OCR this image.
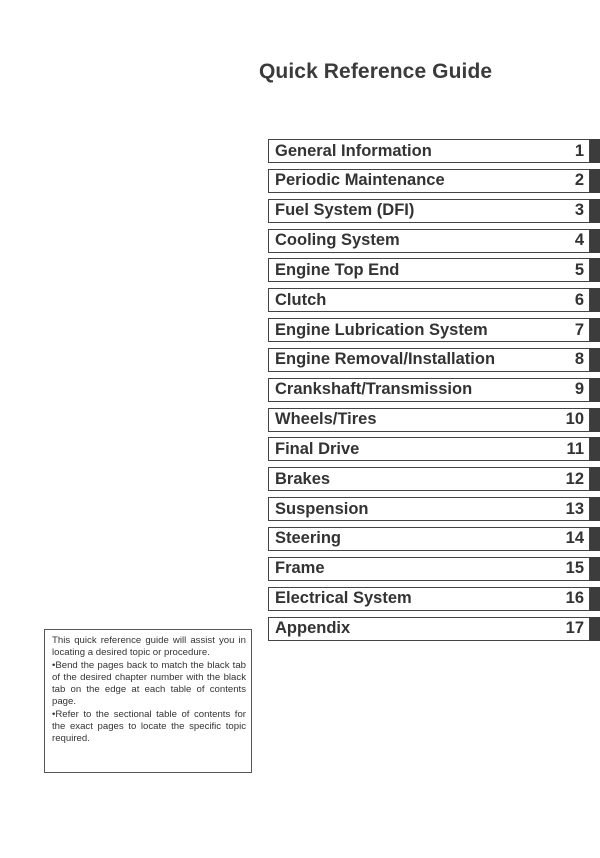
Quick Reference Guide
General Information	1
Periodic Maintenance	2
Fuel System (DFI)	3
Cooling System	4
Engine Top End	5
Clutch	6
Engine Lubrication System	7
Engine Removal/Installation	8
Crankshaft/Transmission	9
Wheels/Tires	10
Final Drive	11
Brakes	12
Suspension	13
Steering	14
Frame	15
Electrical System	16
Appendix	17

This quick reference guide will assist you in locating a desired topic or procedure.

•Bend the pages back to match the black tab of the desired chapter number with the black tab on the edge at each table of contents page.

•Refer to the sectional table of contents for the exact pages to locate the specific topic required.
